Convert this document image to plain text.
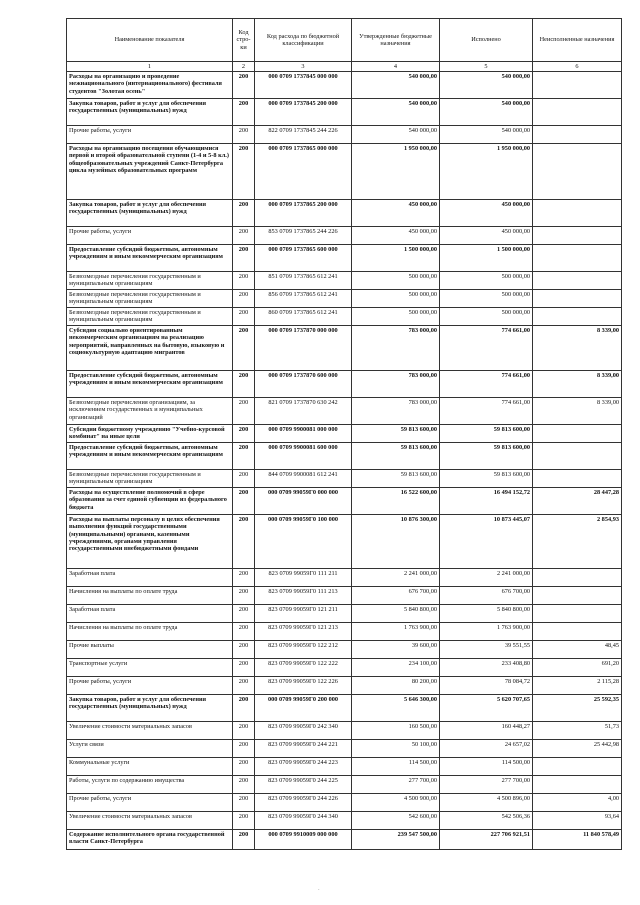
Наименование показателя	Код стро-ки	Код расхода по бюджетной классификации	Утвержденные бюджетные назначения	Исполнено	Неисполненные назначения
1	2	3	4	5	6
Расходы на организацию и проведение межнационального (интернационального) фестиваля студентов "Золотая осень"	200	000 0709 1737845 000 000	540 000,00	540 000,00	
Закупка товаров, работ и услуг для обеспечения государственных (муниципальных) нужд	200	000 0709 1737845 200 000	540 000,00	540 000,00	
Прочие работы, услуги	200	822 0709 1737845 244 226	540 000,00	540 000,00	
Расходы на организацию посещения обучающимися первой и второй образовательной ступени (1-4 и 5-8 кл.) общеобразовательных учреждений Санкт-Петербурга цикла музейных образовательных программ	200	000 0709 1737865 000 000	1 950 000,00	1 950 000,00	
Закупка товаров, работ и услуг для обеспечения государственных (муниципальных) нужд	200	000 0709 1737865 200 000	450 000,00	450 000,00	
Прочие работы, услуги	200	853 0709 1737865 244 226	450 000,00	450 000,00	
Предоставление субсидий бюджетным, автономным учреждениям и иным некоммерческим организациям	200	000 0709 1737865 600 000	1 500 000,00	1 500 000,00	
Безвозмездные перечисления государственным и муниципальным организациям	200	851 0709 1737865 612 241	500 000,00	500 000,00	
Безвозмездные перечисления государственным и муниципальным организациям	200	856 0709 1737865 612 241	500 000,00	500 000,00	
Безвозмездные перечисления государственным и муниципальным организациям	200	860 0709 1737865 612 241	500 000,00	500 000,00	
Субсидии социально ориентированным некоммерческим организациям на реализацию мероприятий, направленных на бытовую, языковую и социокультурную адаптацию мигрантов	200	000 0709 1737870 000 000	783 000,00	774 661,00	8 339,00
Предоставление субсидий бюджетным, автономным учреждениям и иным некоммерческим организациям	200	000 0709 1737870 600 000	783 000,00	774 661,00	8 339,00
Безвозмездные перечисления организациям, за исключением государственных и муниципальных организаций	200	821 0709 1737870 630 242	783 000,00	774 661,00	8 339,00
Субсидии бюджетному учреждению "Учебно-курсовой комбинат" на иные цели	200	000 0709 9900081 000 000	59 813 600,00	59 813 600,00	
Предоставление субсидий бюджетным, автономным учреждениям и иным некоммерческим организациям	200	000 0709 9900081 600 000	59 813 600,00	59 813 600,00	
Безвозмездные перечисления государственным и муниципальным организациям	200	844 0709 9900081 612 241	59 813 600,00	59 813 600,00	
Расходы на осуществление полномочий в сфере образования за счет единой субвенции из федерального бюджета	200	000 0709 99059Г0 000 000	16 522 600,00	16 494 152,72	28 447,28
Расходы на выплаты персоналу в целях обеспечения выполнения функций государственными (муниципальными) органами, казенными учреждениями, органами управления государственными внебюджетными фондами	200	000 0709 99059Г0 100 000	10 876 300,00	10 873 445,07	2 854,93
Заработная плата	200	823 0709 99059Г0 111 211	2 241 000,00	2 241 000,00	
Начисления на выплаты по оплате труда	200	823 0709 99059Г0 111 213	676 700,00	676 700,00	
Заработная плата	200	823 0709 99059Г0 121 211	5 840 800,00	5 840 800,00	
Начисления на выплаты по оплате труда	200	823 0709 99059Г0 121 213	1 763 900,00	1 763 900,00	
Прочие выплаты	200	823 0709 99059Г0 122 212	39 600,00	39 551,55	48,45
Транспортные услуги	200	823 0709 99059Г0 122 222	234 100,00	233 408,80	691,20
Прочие работы, услуги	200	823 0709 99059Г0 122 226	80 200,00	78 084,72	2 115,28
Закупка товаров, работ и услуг для обеспечения государственных (муниципальных) нужд	200	000 0709 99059Г0 200 000	5 646 300,00	5 620 707,65	25 592,35
Увеличение стоимости материальных запасов	200	823 0709 99059Г0 242 340	160 500,00	160 448,27	51,73
Услуги связи	200	823 0709 99059Г0 244 221	50 100,00	24 657,02	25 442,98
Коммунальные услуги	200	823 0709 99059Г0 244 223	114 500,00	114 500,00	
Работы, услуги по содержанию имущества	200	823 0709 99059Г0 244 225	277 700,00	277 700,00	
Прочие работы, услуги	200	823 0709 99059Г0 244 226	4 500 900,00	4 500 896,00	4,00
Увеличение стоимости материальных запасов	200	823 0709 99059Г0 244 340	542 600,00	542 506,36	93,64
Содержание исполнительного органа государственной власти Санкт-Петербурга	200	000 0709 9910009 000 000	239 547 500,00	227 706 921,51	11 840 578,49
.
